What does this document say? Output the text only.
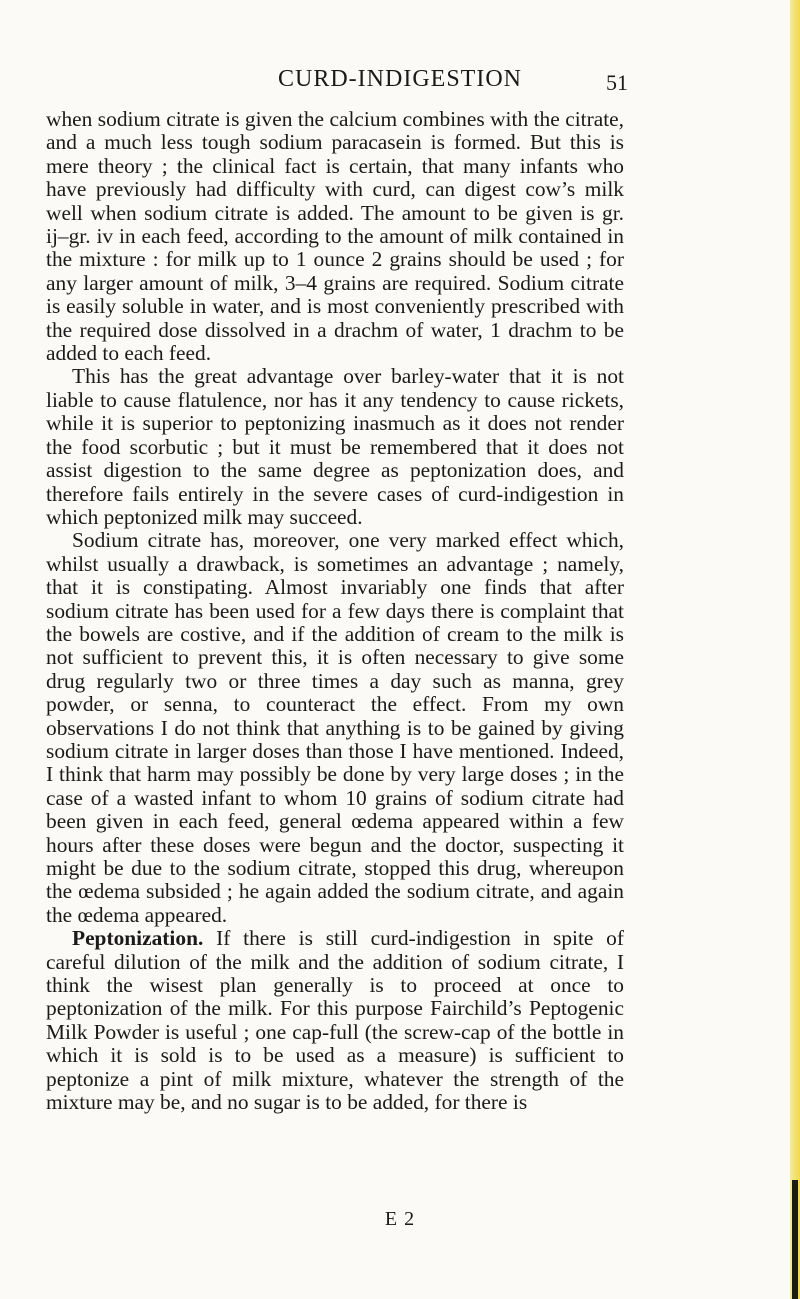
CURD-INDIGESTION	51

when sodium citrate is given the calcium combines with the citrate, and a much less tough sodium paracasein is formed. But this is mere theory ; the clinical fact is certain, that many infants who have previously had difficulty with curd, can digest cow’s milk well when sodium citrate is added. The amount to be given is gr. ij–gr. iv in each feed, according to the amount of milk contained in the mixture : for milk up to 1 ounce 2 grains should be used ; for any larger amount of milk, 3–4 grains are required. Sodium citrate is easily soluble in water, and is most conveniently prescribed with the required dose dissolved in a drachm of water, 1 drachm to be added to each feed.

This has the great advantage over barley-water that it is not liable to cause flatulence, nor has it any tendency to cause rickets, while it is superior to peptonizing inasmuch as it does not render the food scorbutic ; but it must be remembered that it does not assist digestion to the same degree as peptonization does, and therefore fails entirely in the severe cases of curd-indigestion in which peptonized milk may succeed.

Sodium citrate has, moreover, one very marked effect which, whilst usually a drawback, is sometimes an advantage ; namely, that it is constipating. Almost invariably one finds that after sodium citrate has been used for a few days there is complaint that the bowels are costive, and if the addition of cream to the milk is not sufficient to prevent this, it is often necessary to give some drug regularly two or three times a day such as manna, grey powder, or senna, to counteract the effect. From my own observations I do not think that anything is to be gained by giving sodium citrate in larger doses than those I have mentioned. Indeed, I think that harm may possibly be done by very large doses ; in the case of a wasted infant to whom 10 grains of sodium citrate had been given in each feed, general œdema appeared within a few hours after these doses were begun and the doctor, suspecting it might be due to the sodium citrate, stopped this drug, whereupon the œdema subsided ; he again added the sodium citrate, and again the œdema appeared.

Peptonization. If there is still curd-indigestion in spite of careful dilution of the milk and the addition of sodium citrate, I think the wisest plan generally is to proceed at once to peptonization of the milk. For this purpose Fairchild’s Peptogenic Milk Powder is useful ; one cap-full (the screw-cap of the bottle in which it is sold is to be used as a measure) is sufficient to peptonize a pint of milk mixture, whatever the strength of the mixture may be, and no sugar is to be added, for there is

E 2
